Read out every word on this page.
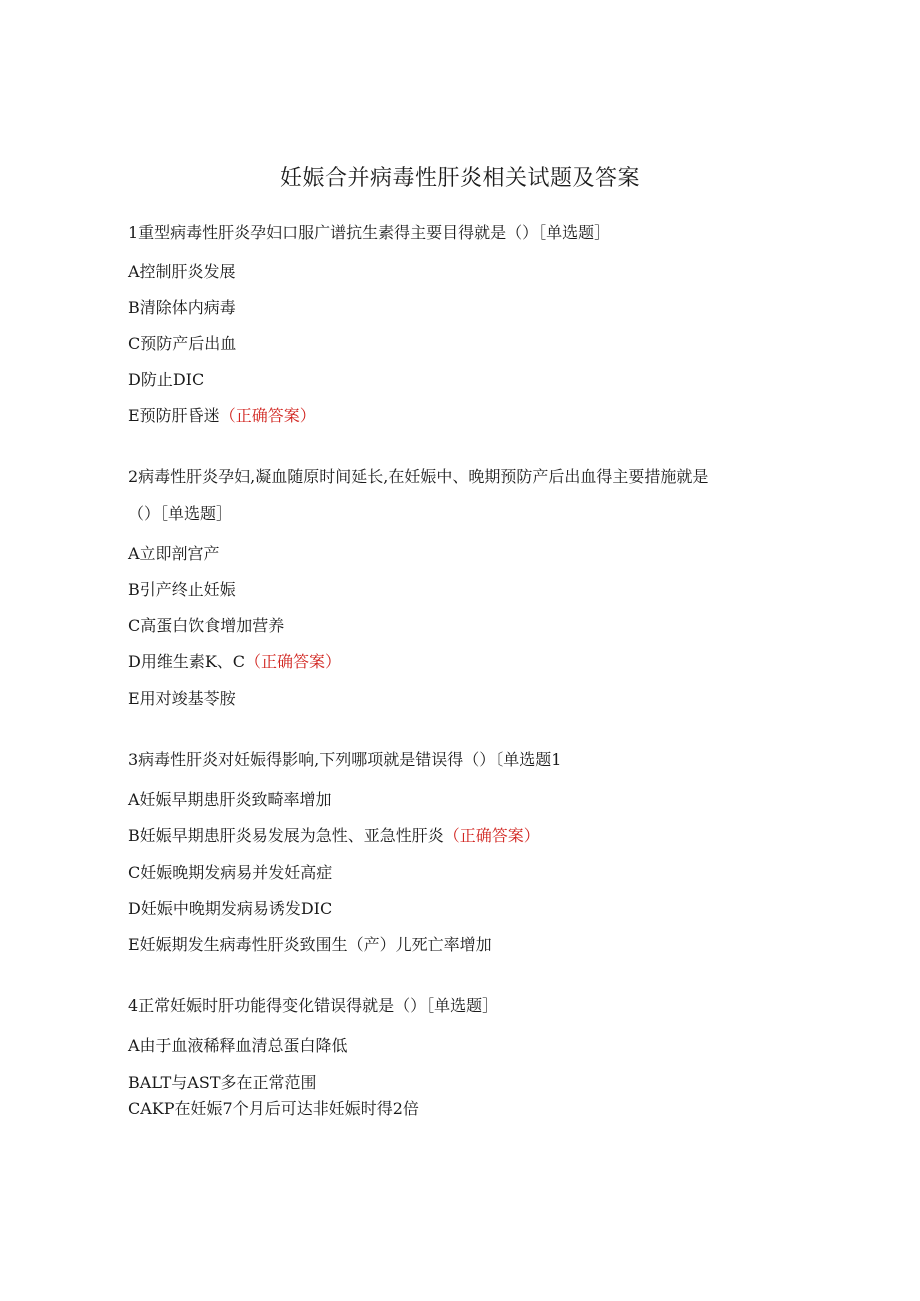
妊娠合并病毒性肝炎相关试题及答案
1重型病毒性肝炎孕妇口服广谱抗生素得主要目得就是（）［单选题］
A控制肝炎发展
B清除体内病毒
C预防产后出血
D防止DIC
E预防肝昏迷（正确答案）
2病毒性肝炎孕妇,凝血随原时间延长,在妊娠中、晚期预防产后出血得主要措施就是
（）［单选题］
A立即剖宫产
B引产终止妊娠
C高蛋白饮食增加营养
D用维生素K、C（正确答案）
E用对竣基苓胺
3病毒性肝炎对妊娠得影响,下列哪项就是错误得（）〔单选题1
A妊娠早期患肝炎致畸率增加
B妊娠早期患肝炎易发展为急性、亚急性肝炎（正确答案）
C妊娠晚期发病易并发妊高症
D妊娠中晚期发病易诱发DIC
E妊娠期发生病毒性肝炎致围生（产）儿死亡率增加
4正常妊娠时肝功能得变化错误得就是（）［单选题］
A由于血液稀释血清总蛋白降低
BALT与AST多在正常范围
CAKP在妊娠7个月后可达非妊娠时得2倍
